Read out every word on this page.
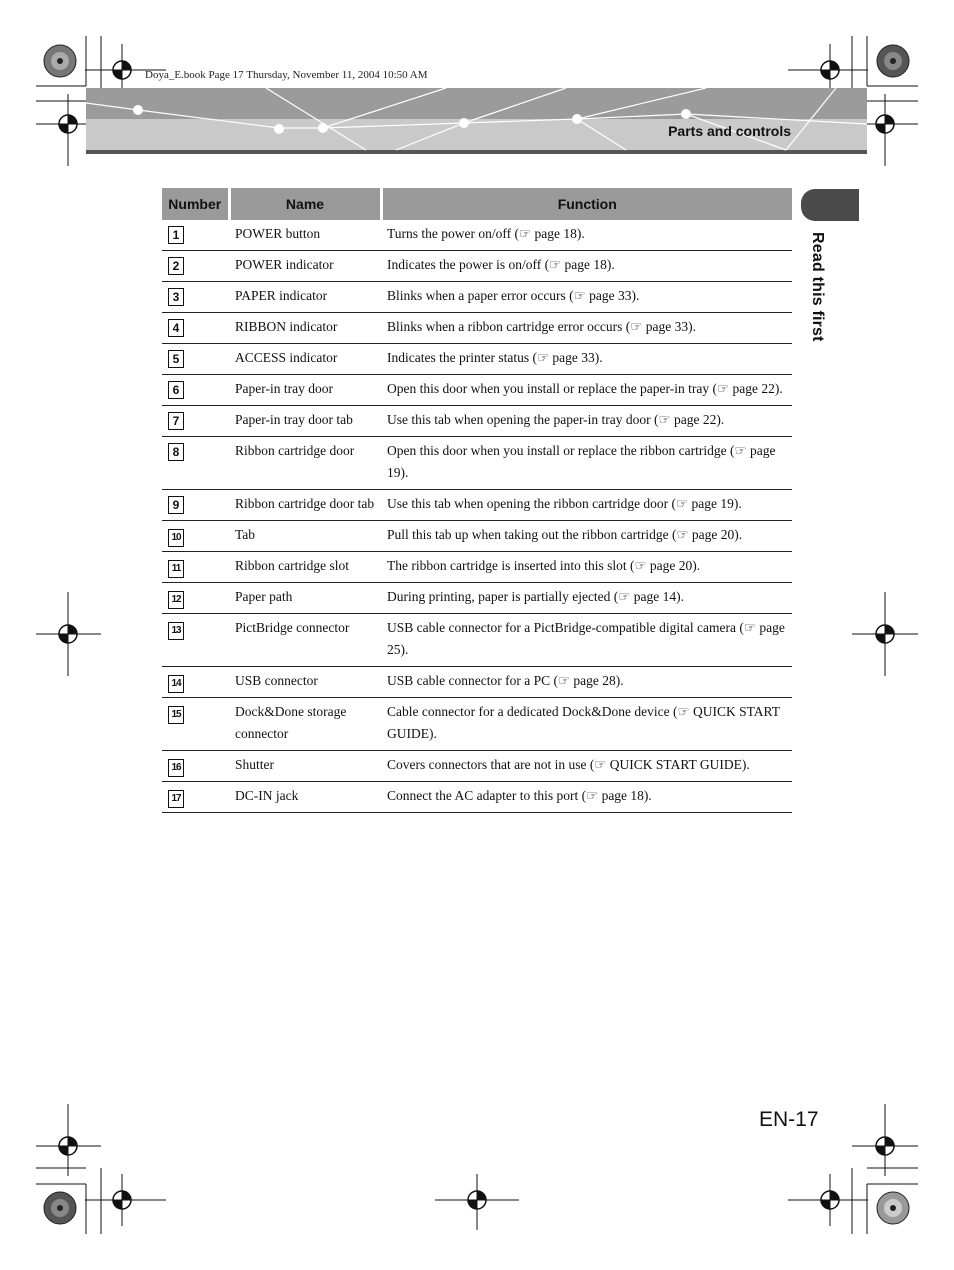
Doya_E.book Page 17 Thursday, November 11, 2004 10:50 AM
Parts and controls
Read this first
Number	Name	Function
1	POWER button	Turns the power on/off (☞ page 18).
2	POWER indicator	Indicates the power is on/off (☞ page 18).
3	PAPER indicator	Blinks when a paper error occurs (☞ page 33).
4	RIBBON indicator	Blinks when a ribbon cartridge error occurs (☞ page 33).
5	ACCESS indicator	Indicates the printer status (☞ page 33).
6	Paper-in tray door	Open this door when you install or replace the paper-in tray (☞ page 22).
7	Paper-in tray door tab	Use this tab when opening the paper-in tray door (☞ page 22).
8	Ribbon cartridge door	Open this door when you install or replace the ribbon cartridge (☞ page 19).
9	Ribbon cartridge door tab	Use this tab when opening the ribbon cartridge door (☞ page 19).
10	Tab	Pull this tab up when taking out the ribbon cartridge (☞ page 20).
11	Ribbon cartridge slot	The ribbon cartridge is inserted into this slot (☞ page 20).
12	Paper path	During printing, paper is partially ejected (☞ page 14).
13	PictBridge connector	USB cable connector for a PictBridge-compatible digital camera (☞ page 25).
14	USB connector	USB cable connector for a PC (☞ page 28).
15	Dock&Done storage connector	Cable connector for a dedicated Dock&Done device (☞ QUICK START GUIDE).
16	Shutter	Covers connectors that are not in use (☞ QUICK START GUIDE).
17	DC-IN jack	Connect the AC adapter to this port (☞ page 18).
EN-17
